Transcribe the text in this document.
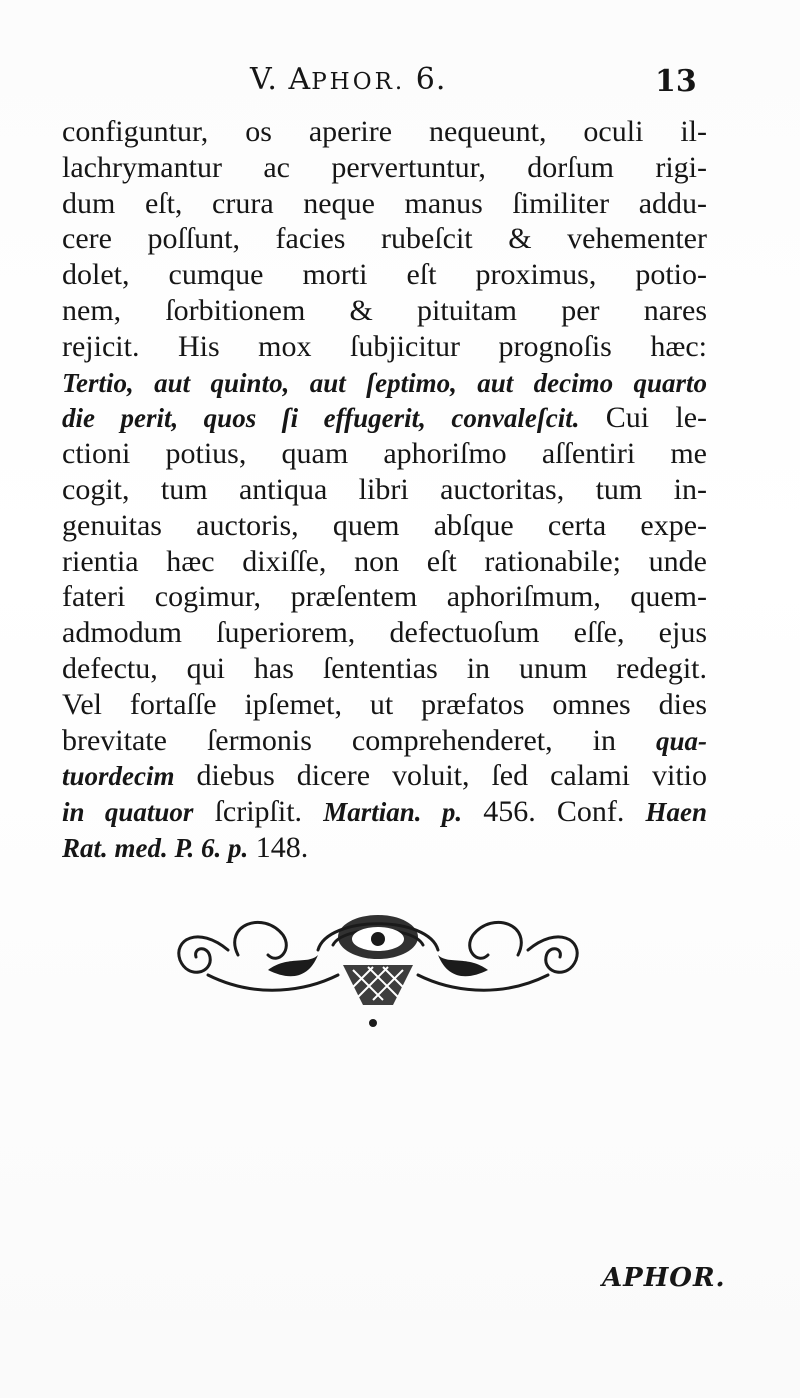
V. APHOR. 6.	13
configuntur, os aperire nequeunt, oculi il-
lachrymantur ac pervertuntur, dorſum rigi-
dum eſt, crura neque manus ſimiliter addu-
cere poſſunt, facies rubeſcit & vehementer
dolet, cumque morti eſt proximus, potio-
nem, ſorbitionem & pituitam per nares
rejicit. His mox ſubjicitur prognoſis hæc:
Tertio, aut quinto, aut ſeptimo, aut decimo quarto
die perit, quos ſi effugerit, convaleſcit. Cui le-
ctioni potius, quam aphoriſmo aſſentiri me
cogit, tum antiqua libri auctoritas, tum in-
genuitas auctoris, quem abſque certa expe-
rientia hæc dixiſſe, non eſt rationabile; unde
fateri cogimur, præſentem aphoriſmum, quem-
admodum ſuperiorem, defectuoſum eſſe, ejus
defectu, qui has ſententias in unum redegit.
Vel fortaſſe ipſemet, ut præfatos omnes dies
brevitate ſermonis comprehenderet, in qua-
tuordecim diebus dicere voluit, ſed calami vitio
in quatuor ſcripſit. Martian. p. 456. Conf. Haen
Rat. med. P. 6. p. 148.
APHOR.
